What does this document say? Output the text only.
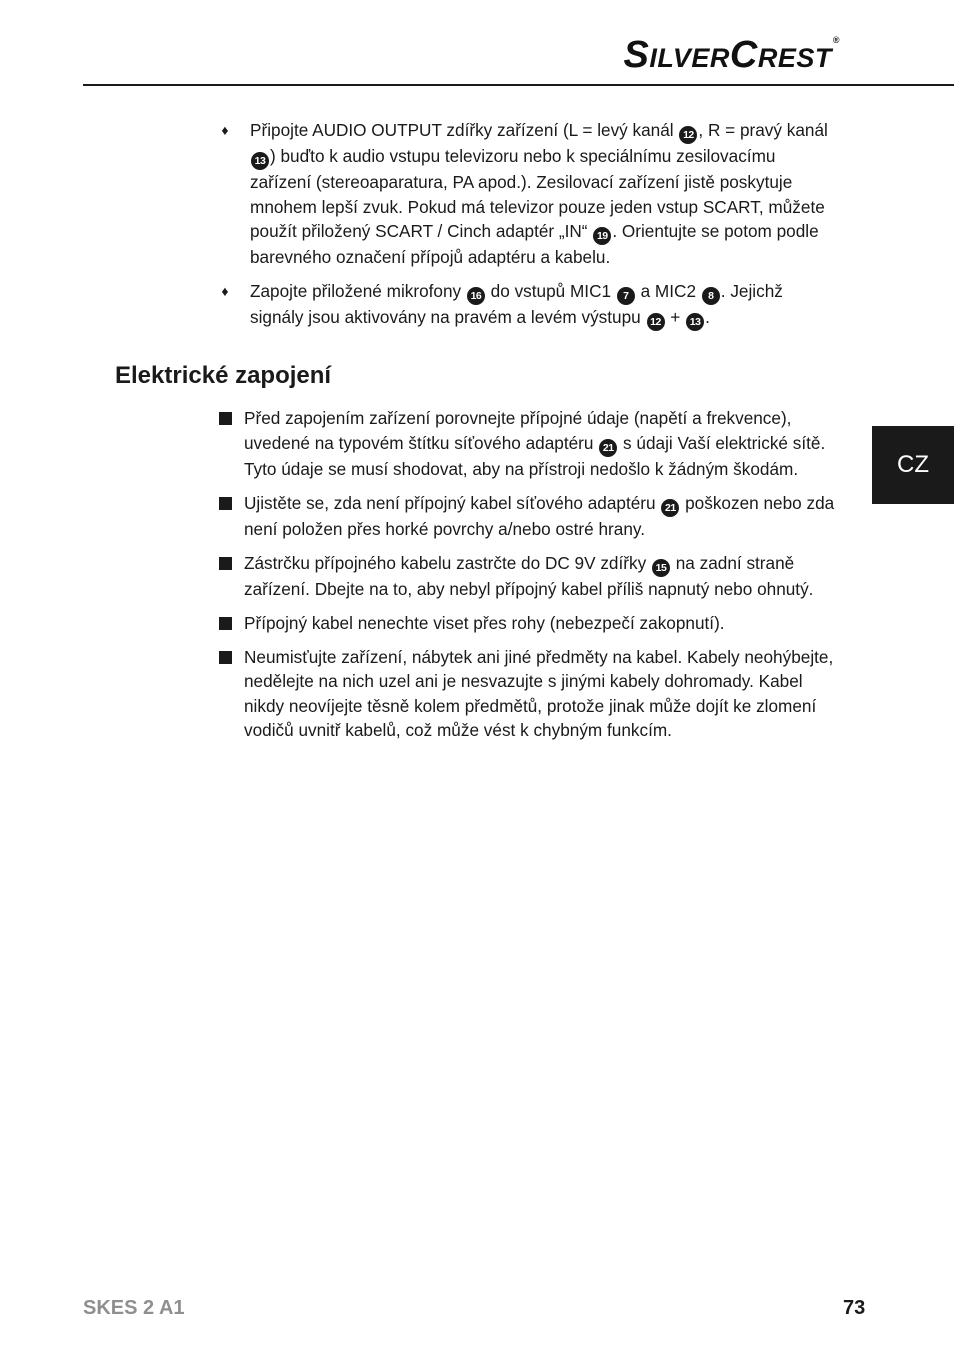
SILVERCREST®
CZ
♦ Připojte AUDIO OUTPUT zdířky zařízení (L = levý kanál 12 , R = pravý kanál 13 ) buďto k audio vstupu televizoru nebo k speciálnímu zesilovacímu zařízení (stereoaparatura, PA apod.). Zesilovací zařízení jistě poskytuje mnohem lepší zvuk. Pokud má televizor pouze jeden vstup SCART, můžete použít přiložený SCART / Cinch adaptér „IN“ 19 . Orientujte se potom podle barevného označení přípojů adaptéru a kabelu.
♦ Zapojte přiložené mikrofony 16 do vstupů MIC1 7 a MIC2 8 . Jejichž signály jsou aktivovány na pravém a levém výstupu 12 + 13 .
Elektrické zapojení
Před zapojením zařízení porovnejte přípojné údaje (napětí a frekvence), uvedené na typovém štítku síťového adaptéru 21 s údaji Vaší elektrické sítě. Tyto údaje se musí shodovat, aby na přístroji nedošlo k žádným škodám.
Ujistěte se, zda není přípojný kabel síťového adaptéru 21 poškozen nebo zda není položen přes horké povrchy a/nebo ostré hrany.
Zástrčku přípojného kabelu zastrčte do DC 9V zdířky 15 na zadní straně zařízení. Dbejte na to, aby nebyl přípojný kabel příliš napnutý nebo ohnutý.
Přípojný kabel nenechte viset přes rohy (nebezpečí zakopnutí).
Neumisťujte zařízení, nábytek ani jiné předměty na kabel. Kabely neohýbejte, nedělejte na nich uzel ani je nesvazujte s jinými kabely dohromady. Kabel nikdy neovíjejte těsně kolem předmětů, protože jinak může dojít ke zlomení vodičů uvnitř kabelů, což může vést k chybným funkcím.
SKES 2 A1	73
